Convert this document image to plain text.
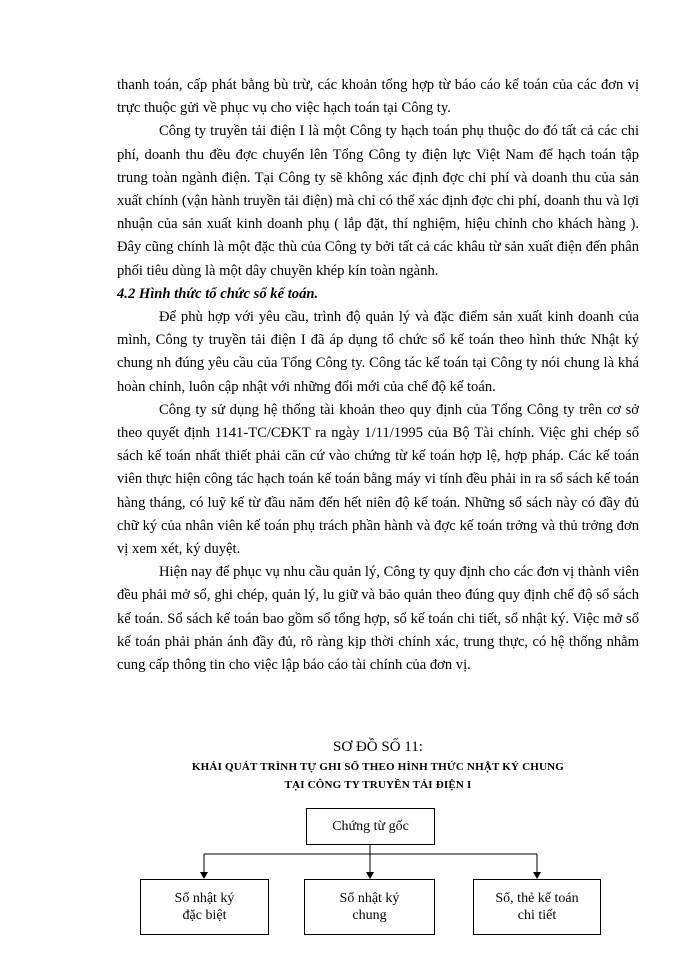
thanh toán, cấp phát bằng bù trừ, các khoản tổng hợp từ báo cáo kế toán của các đơn vị trực thuộc gửi về phục vụ cho việc hạch toán tại Công ty.

Công ty truyền tải điện I là một Công ty hạch toán phụ thuộc do đó tất cả các chi phí, doanh thu đều đợc chuyển lên Tổng Công ty điện lực Việt Nam để hạch toán tập trung toàn ngành điện. Tại Công ty sẽ không xác định đợc chi phí và doanh thu của sản xuất chính (vận hành truyền tải điện) mà chỉ có thể xác định đợc chi phí, doanh thu và lợi nhuận của sản xuất kinh doanh phụ ( lắp đặt, thí nghiệm, hiệu chỉnh cho khách hàng ). Đây cũng chính là một đặc thù của Công ty bởi tất cả các khâu từ sản xuất điện đến phân phối tiêu dùng là một dây chuyền khép kín toàn ngành.

4.2 Hình thức tổ chức sổ kế toán.

Để phù hợp với yêu cầu, trình độ quản lý và đặc điểm sản xuất kinh doanh của mình, Công ty truyền tải điện I đã áp dụng tổ chức sổ kế toán theo hình thức Nhật ký chung nh đúng yêu cầu của Tổng Công ty. Công tác kế toán tại Công ty nói chung là khá hoàn chỉnh, luôn cập nhật với những đổi mới của chế độ kế toán.

Công ty sử dụng hệ thống tài khoản theo quy định của Tổng Công ty trên cơ sở theo quyết định 1141-TC/CĐKT ra ngày 1/11/1995 của Bộ Tài chính. Việc ghi chép sổ sách kế toán nhất thiết phải căn cứ vào chứng từ kế toán hợp lệ, hợp pháp. Các kế toán viên thực hiện công tác hạch toán kế toán bằng máy vi tính đều phải in ra sổ sách kế toán hàng tháng, có luỹ kế từ đầu năm đến hết niên độ kế toán. Những sổ sách này có đầy đủ chữ ký của nhân viên kế toán phụ trách phần hành và đợc kế toán trởng và thủ trởng đơn vị xem xét, ký duyệt.

Hiện nay để phục vụ nhu cầu quản lý, Công ty quy định cho các đơn vị thành viên đều phải mở sổ, ghi chép, quản lý, lu giữ và bảo quản theo đúng quy định chế độ sổ sách kế toán. Sổ sách kế toán bao gồm sổ tổng hợp, sổ kế toán chi tiết, sổ nhật ký. Việc mở sổ kế toán phải phản ánh đầy đủ, rõ ràng kịp thời chính xác, trung thực, có hệ thống nhằm cung cấp thông tin cho việc lập báo cáo tài chính của đơn vị.

SƠ ĐỒ SỐ 11:
KHÁI QUÁT TRÌNH TỰ GHI SỔ THEO HÌNH THỨC NHẬT KÝ CHUNG
TẠI CÔNG TY TRUYỀN TẢI ĐIỆN I
Chứng từ gốc
Sổ nhật ký
đặc biệt
Sổ nhật ký
chung
Sổ, thẻ kế toán
chi tiết
